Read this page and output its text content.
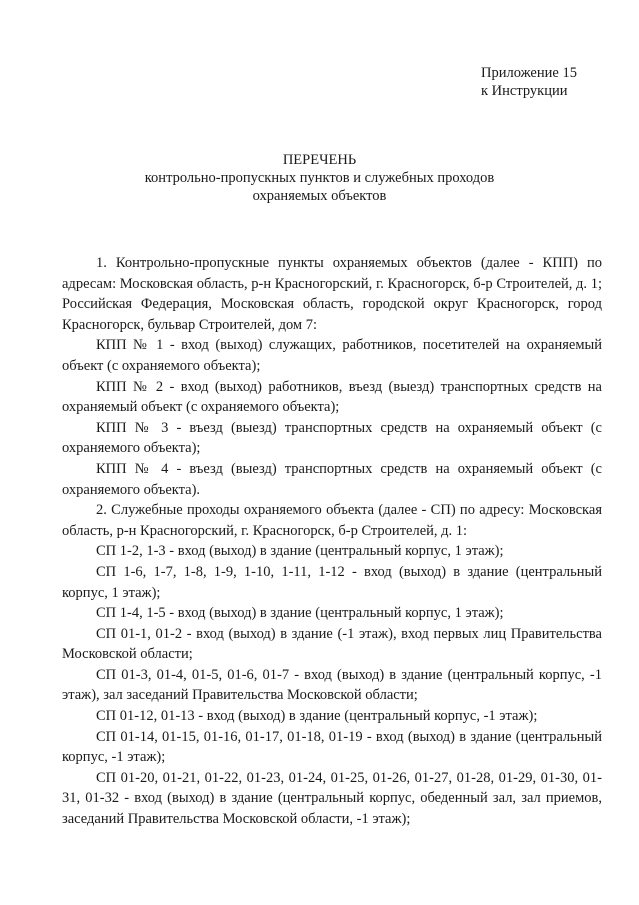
Приложение 15
к Инструкции
ПЕРЕЧЕНЬ
контрольно-пропускных пунктов и служебных проходов
охраняемых объектов

1. Контрольно-пропускные пункты охраняемых объектов (далее - КПП) по адресам: Московская область, р-н Красногорский, г. Красногорск, б-р Строителей, д. 1; Российская Федерация, Московская область, городской округ Красногорск, город Красногорск, бульвар Строителей, дом 7:

КПП № 1 - вход (выход) служащих, работников, посетителей на охраняемый объект (с охраняемого объекта);

КПП № 2 - вход (выход) работников, въезд (выезд) транспортных средств на охраняемый объект (с охраняемого объекта);

КПП № 3 - въезд (выезд) транспортных средств на охраняемый объект (с охраняемого объекта);

КПП № 4 - въезд (выезд) транспортных средств на охраняемый объект (с охраняемого объекта).

2. Служебные проходы охраняемого объекта (далее - СП) по адресу: Московская область, р-н Красногорский, г. Красногорск, б-р Строителей, д. 1:

СП 1-2, 1-3 - вход (выход) в здание (центральный корпус, 1 этаж);

СП 1-6, 1-7, 1-8, 1-9, 1-10, 1-11, 1-12 - вход (выход) в здание (центральный корпус, 1 этаж);

СП 1-4, 1-5 - вход (выход) в здание (центральный корпус, 1 этаж);

СП 01-1, 01-2 - вход (выход) в здание (-1 этаж), вход первых лиц Правительства Московской области;

СП 01-3, 01-4, 01-5, 01-6, 01-7 - вход (выход) в здание (центральный корпус, -1 этаж), зал заседаний Правительства Московской области;

СП 01-12, 01-13 - вход (выход) в здание (центральный корпус, -1 этаж);

СП 01-14, 01-15, 01-16, 01-17, 01-18, 01-19 - вход (выход) в здание (центральный корпус, -1 этаж);

СП 01-20, 01-21, 01-22, 01-23, 01-24, 01-25, 01-26, 01-27, 01-28, 01-29, 01-30, 01-31, 01-32 - вход (выход) в здание (центральный корпус, обеденный зал, зал приемов, заседаний Правительства Московской области, -1 этаж);
